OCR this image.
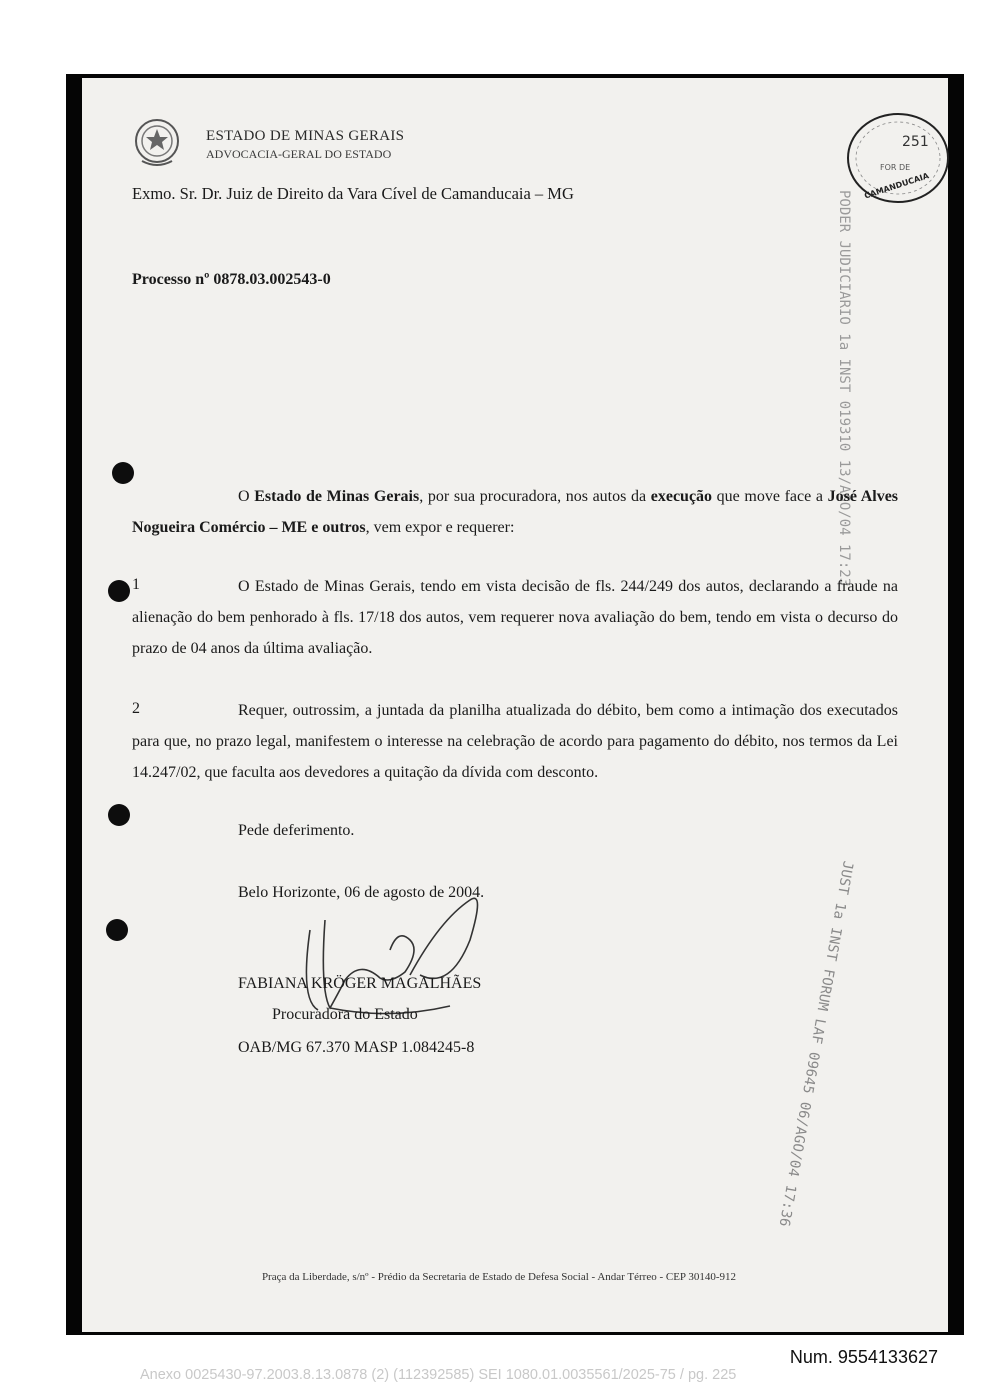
ESTADO DE MINAS GERAIS
ADVOCACIA-GERAL DO ESTADO
Exmo. Sr. Dr. Juiz de Direito da Vara Cível de Camanducaia – MG
Processo nº 0878.03.002543-0
251
FOR DE
CAMANDUCAIA
PODER JUDICIARIO 1a INST 019310 13/AGO/04 17:23
JUST 1a INST FORUM LAF 09645 06/AGO/04 17:36
O Estado de Minas Gerais, por sua procuradora, nos autos da execução que move face a José Alves Nogueira Comércio – ME e outros, vem expor e requerer:
1	O Estado de Minas Gerais, tendo em vista decisão de fls. 244/249 dos autos, declarando a fraude na alienação do bem penhorado à fls. 17/18 dos autos, vem requerer nova avaliação do bem, tendo em vista o decurso do prazo de 04 anos da última avaliação.
2	Requer, outrossim, a juntada da planilha atualizada do débito, bem como a intimação dos executados para que, no prazo legal, manifestem o interesse na celebração de acordo para pagamento do débito, nos termos da Lei 14.247/02, que faculta aos devedores a quitação da dívida com desconto.
Pede deferimento.
Belo Horizonte, 06 de agosto de 2004.
FABIANA KRÖGER MAGALHÃES
Procuradora do Estado
OAB/MG 67.370 MASP 1.084245-8
Praça da Liberdade, s/nº - Prédio da Secretaria de Estado de Defesa Social - Andar Térreo - CEP 30140-912
Num. 9554133627
Anexo 0025430-97.2003.8.13.0878 (2) (112392585) SEI 1080.01.0035561/2025-75 / pg. 225
